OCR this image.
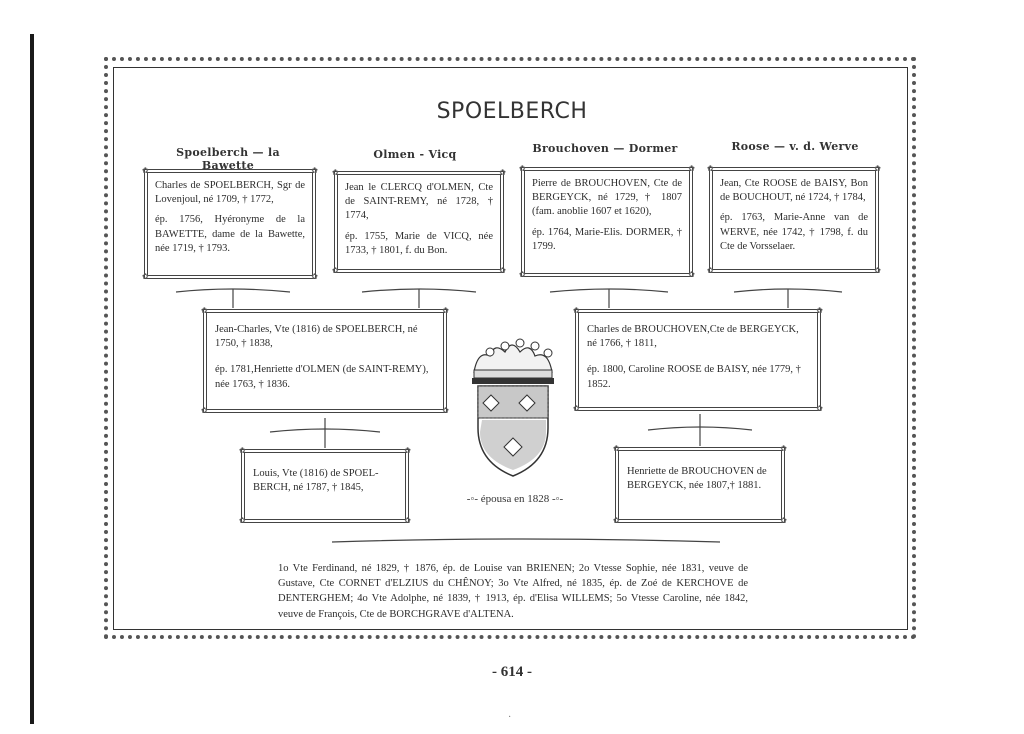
SPOELBERCH
Spoelberch — la Bawette
Olmen - Vicq	Brouchoven — Dormer	Roose — v. d. Werve
✿	✿
✿	✿

Charles de SPOELBERCH, Sgr de Lovenjoul, né 1709, † 1772,

ép. 1756, Hyéronyme de la BAWETTE, dame de la Bawette, née 1719, † 1793.

✿	✿
✿	✿

Jean le CLERCQ d'OLMEN, Cte de SAINT-REMY, né 1728, † 1774,

ép. 1755, Marie de VICQ, née 1733, † 1801, f. du Bon.

✿	✿
✿	✿

Pierre de BROUCHOVEN, Cte de BERGEYCK, né 1729, † 1807 (fam. anoblie 1607 et 1620),

ép. 1764, Marie-Elis. DORMER, † 1799.

✿	✿
✿	✿

Jean, Cte ROOSE de BAISY, Bon de BOUCHOUT, né 1724, † 1784,

ép. 1763, Marie-Anne van de WERVE, née 1742, † 1798, f. du Cte de Vorsselaer.

✿	✿
✿	✿

Jean-Charles, Vte (1816) de SPOELBERCH, né 1750, † 1838,

ép. 1781,Henriette d'OLMEN (de SAINT-REMY), née 1763, † 1836.

✿	✿
✿	✿

Charles de BROUCHOVEN,Cte de BERGEYCK, né 1766, † 1811,

ép. 1800, Caroline ROOSE de BAISY, née 1779, † 1852.

✿	✿
✿	✿

Louis, Vte (1816) de SPOEL-BERCH, né 1787, † 1845,

✿	✿
✿	✿

Henriette de BROUCHOVEN de BERGEYCK, née 1807,† 1881.

-◦- épousa en 1828 -◦-
1o Vte Ferdinand, né 1829, † 1876, ép. de Louise van BRIENEN; 2o Vtesse Sophie, née 1831, veuve de Gustave, Cte CORNET d'ELZIUS du CHÊNOY; 3o Vte Alfred, né 1835, ép. de Zoé de KERCHOVE de DENTERGHEM; 4o Vte Adolphe, né 1839, † 1913, ép. d'Elisa WILLEMS; 5o Vtesse Caroline, née 1842, veuve de François, Cte de BORCHGRAVE d'ALTENA.
- 614 -
·
